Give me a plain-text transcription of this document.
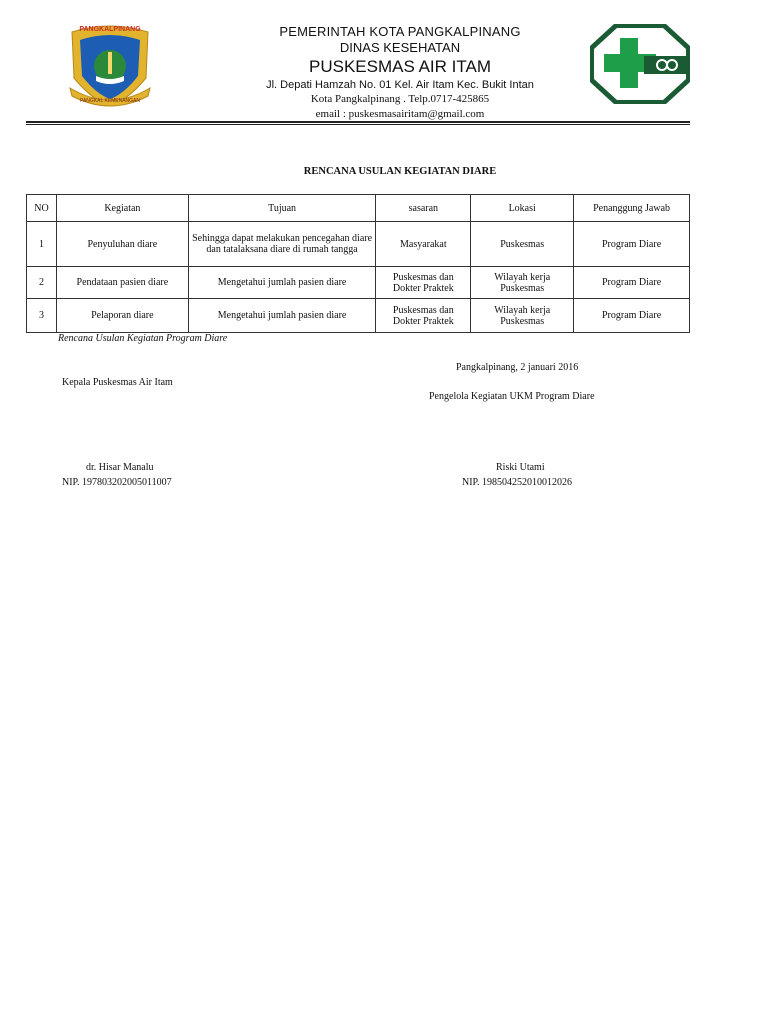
PANGKALPINANG
PANGKAL KEMENANGAN
PEMERINTAH KOTA PANGKALPINANG
DINAS KESEHATAN
PUSKESMAS AIR ITAM
Jl. Depati Hamzah No. 01 Kel. Air Itam Kec. Bukit Intan
Kota Pangkalpinang . Telp.0717-425865
email : puskesmasairitam@gmail.com
RENCANA USULAN KEGIATAN DIARE
NO	Kegiatan	Tujuan	sasaran	Lokasi	Penanggung Jawab
1	Penyuluhan diare	Sehingga dapat melakukan pencegahan diare dan tatalaksana diare di rumah tangga	Masyarakat	Puskesmas	Program Diare
2	Pendataan pasien diare	Mengetahui jumlah pasien diare	Puskesmas dan Dokter Praktek	Wilayah kerja Puskesmas	Program Diare
3	Pelaporan diare	Mengetahui jumlah pasien diare	Puskesmas dan Dokter Praktek	Wilayah kerja Puskesmas	Program Diare
Rencana Usulan Kegiatan Program Diare
Pangkalpinang, 2 januari 2016
Kepala Puskesmas Air Itam
Pengelola Kegiatan UKM Program Diare
dr. Hisar Manalu
NIP. 197803202005011007
Riski Utami
NIP. 198504252010012026
